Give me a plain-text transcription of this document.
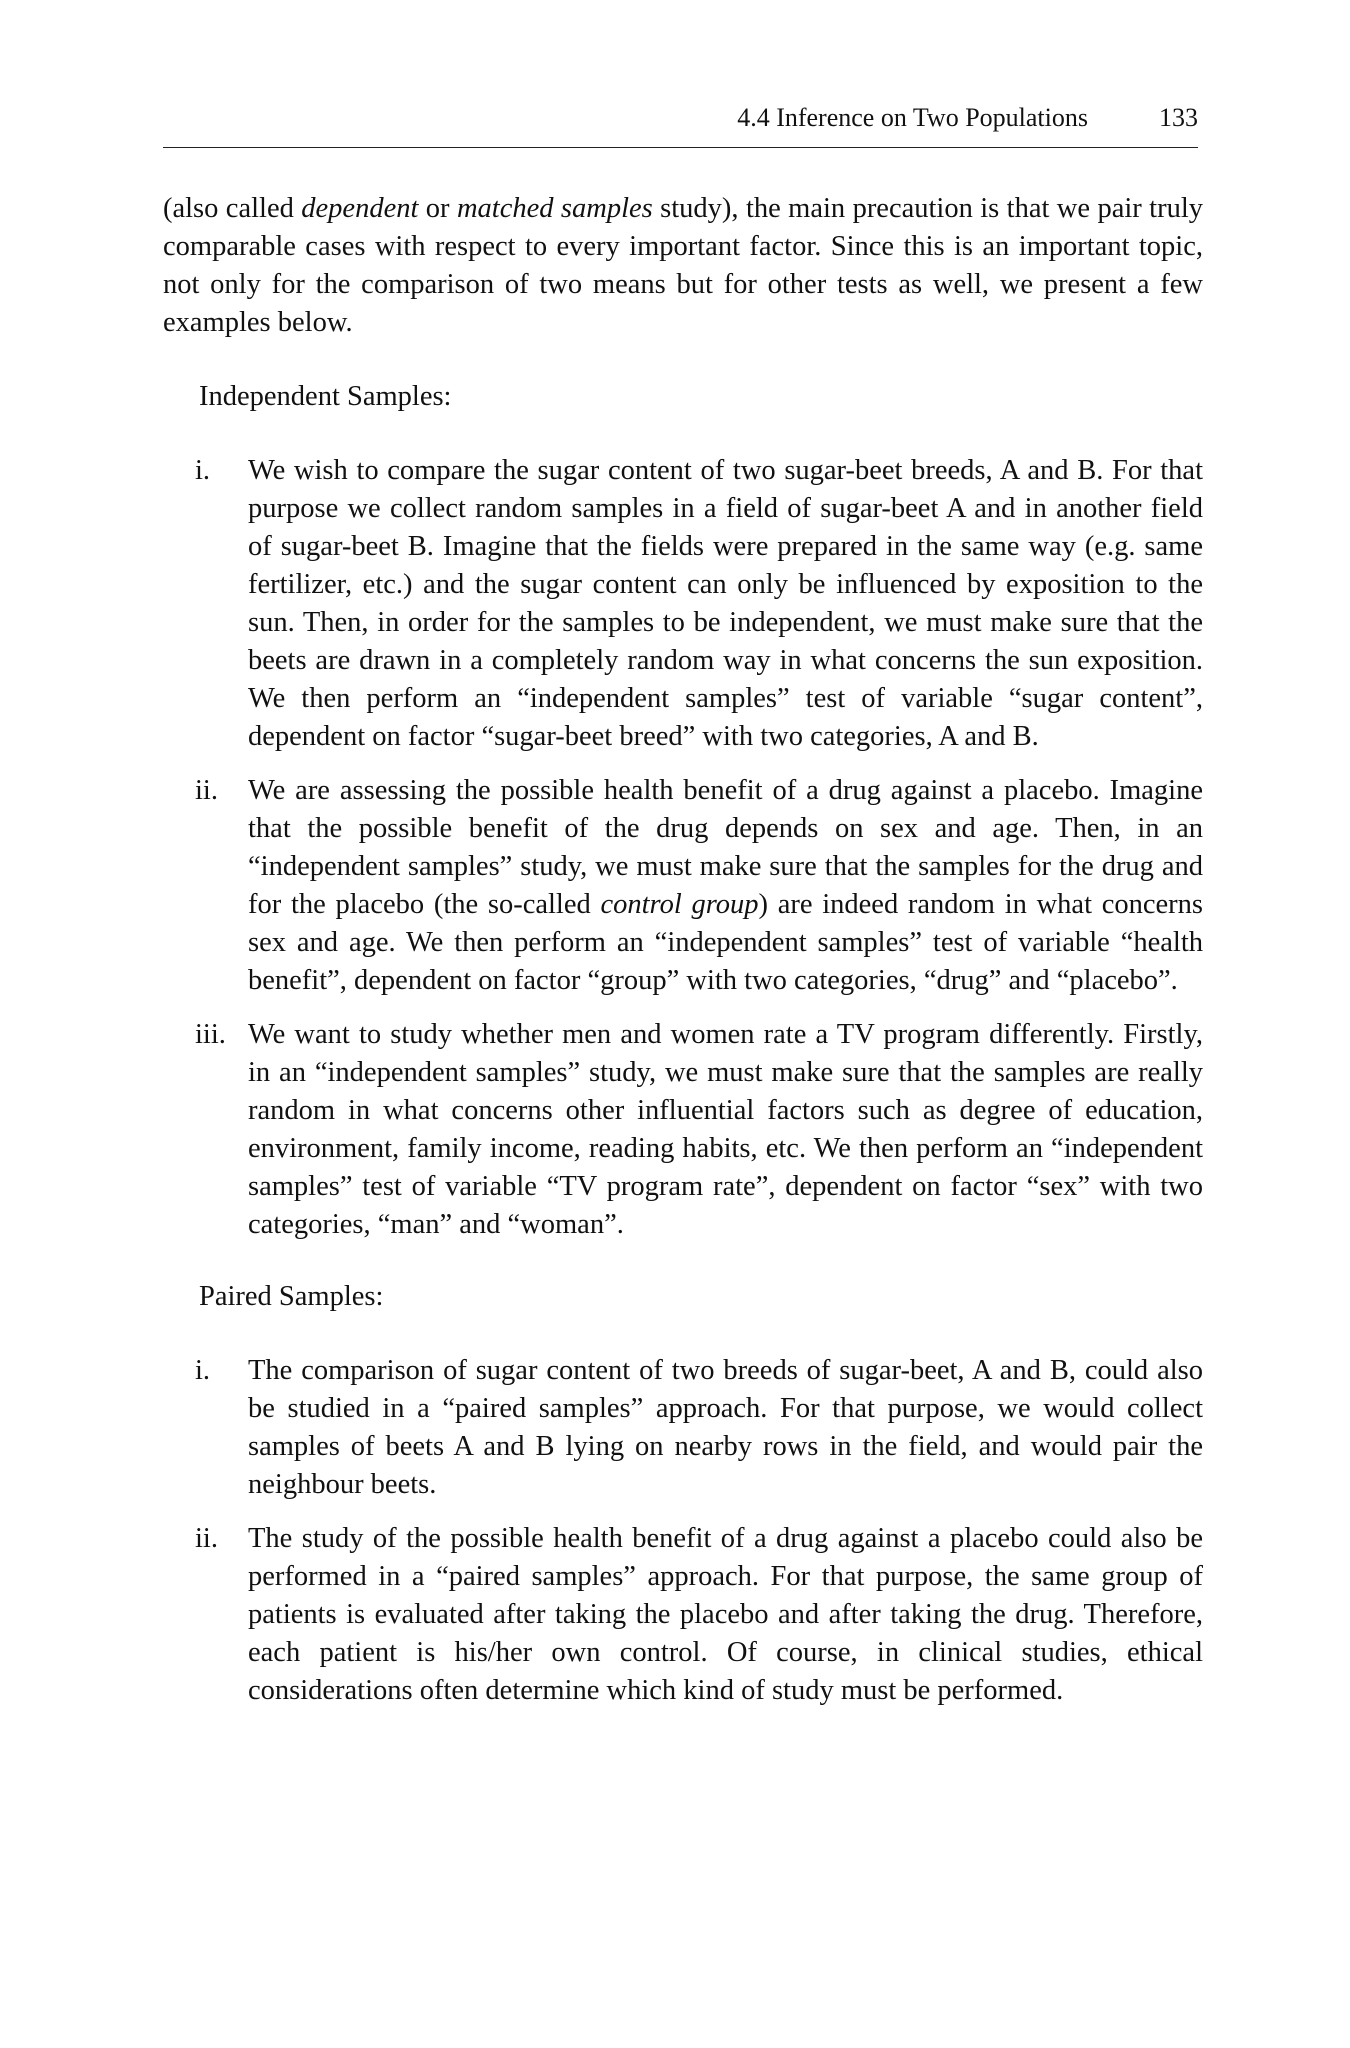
4.4 Inference on Two Populations	133

(also called dependent or matched samples study), the main precaution is that we pair truly comparable cases with respect to every important factor. Since this is an important topic, not only for the comparison of two means but for other tests as well, we present a few examples below.

Independent Samples:

i. We wish to compare the sugar content of two sugar-beet breeds, A and B. For that purpose we collect random samples in a field of sugar-beet A and in another field of sugar-beet B. Imagine that the fields were prepared in the same way (e.g. same fertilizer, etc.) and the sugar content can only be influenced by exposition to the sun. Then, in order for the samples to be independent, we must make sure that the beets are drawn in a completely random way in what concerns the sun exposition. We then perform an “independent samples” test of variable “sugar content”, dependent on factor “sugar-beet breed” with two categories, A and B.

ii. We are assessing the possible health benefit of a drug against a placebo. Imagine that the possible benefit of the drug depends on sex and age. Then, in an “independent samples” study, we must make sure that the samples for the drug and for the placebo (the so-called control group) are indeed random in what concerns sex and age. We then perform an “independent samples” test of variable “health benefit”, dependent on factor “group” with two categories, “drug” and “placebo”.

iii. We want to study whether men and women rate a TV program differently. Firstly, in an “independent samples” study, we must make sure that the samples are really random in what concerns other influential factors such as degree of education, environment, family income, reading habits, etc. We then perform an “independent samples” test of variable “TV program rate”, dependent on factor “sex” with two categories, “man” and “woman”.

Paired Samples:

i. The comparison of sugar content of two breeds of sugar-beet, A and B, could also be studied in a “paired samples” approach. For that purpose, we would collect samples of beets A and B lying on nearby rows in the field, and would pair the neighbour beets.

ii. The study of the possible health benefit of a drug against a placebo could also be performed in a “paired samples” approach. For that purpose, the same group of patients is evaluated after taking the placebo and after taking the drug. Therefore, each patient is his/her own control. Of course, in clinical studies, ethical considerations often determine which kind of study must be performed.
